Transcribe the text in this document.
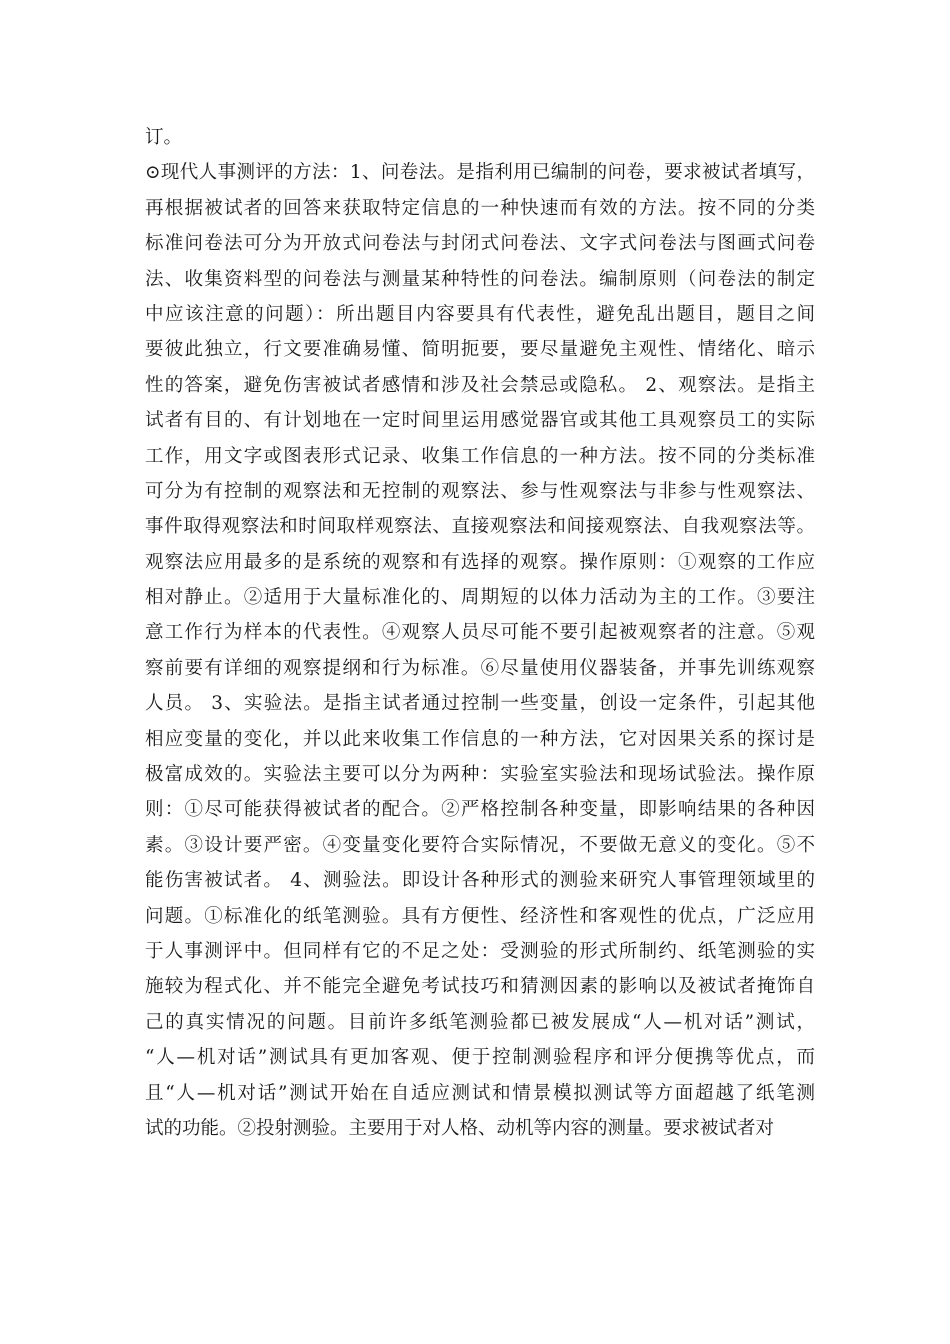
订。
⊙现代人事测评的方法：1、问卷法。是指利用已编制的问卷，要求被试者填写，
再根据被试者的回答来获取特定信息的一种快速而有效的方法。按不同的分类
标准问卷法可分为开放式问卷法与封闭式问卷法、文字式问卷法与图画式问卷
法、收集资料型的问卷法与测量某种特性的问卷法。编制原则（问卷法的制定
中应该注意的问题）：所出题目内容要具有代表性，避免乱出题目，题目之间
要彼此独立，行文要准确易懂、简明扼要，要尽量避免主观性、情绪化、暗示
性的答案，避免伤害被试者感情和涉及社会禁忌或隐私。 2、观察法。是指主
试者有目的、有计划地在一定时间里运用感觉器官或其他工具观察员工的实际
工作，用文字或图表形式记录、收集工作信息的一种方法。按不同的分类标准
可分为有控制的观察法和无控制的观察法、参与性观察法与非参与性观察法、
事件取得观察法和时间取样观察法、直接观察法和间接观察法、自我观察法等。
观察法应用最多的是系统的观察和有选择的观察。操作原则：①观察的工作应
相对静止。②适用于大量标准化的、周期短的以体力活动为主的工作。③要注
意工作行为样本的代表性。④观察人员尽可能不要引起被观察者的注意。⑤观
察前要有详细的观察提纲和行为标准。⑥尽量使用仪器装备，并事先训练观察
人员。 3、实验法。是指主试者通过控制一些变量，创设一定条件，引起其他
相应变量的变化，并以此来收集工作信息的一种方法，它对因果关系的探讨是
极富成效的。实验法主要可以分为两种：实验室实验法和现场试验法。操作原
则：①尽可能获得被试者的配合。②严格控制各种变量，即影响结果的各种因
素。③设计要严密。④变量变化要符合实际情况，不要做无意义的变化。⑤不
能伤害被试者。 4、测验法。即设计各种形式的测验来研究人事管理领域里的
问题。①标准化的纸笔测验。具有方便性、经济性和客观性的优点，广泛应用
于人事测评中。但同样有它的不足之处：受测验的形式所制约、纸笔测验的实
施较为程式化、并不能完全避免考试技巧和猜测因素的影响以及被试者掩饰自
己的真实情况的问题。目前许多纸笔测验都已被发展成“人—机对话”测试，
“人—机对话”测试具有更加客观、便于控制测验程序和评分便携等优点，而
且“人—机对话”测试开始在自适应测试和情景模拟测试等方面超越了纸笔测
试的功能。②投射测验。主要用于对人格、动机等内容的测量。要求被试者对
